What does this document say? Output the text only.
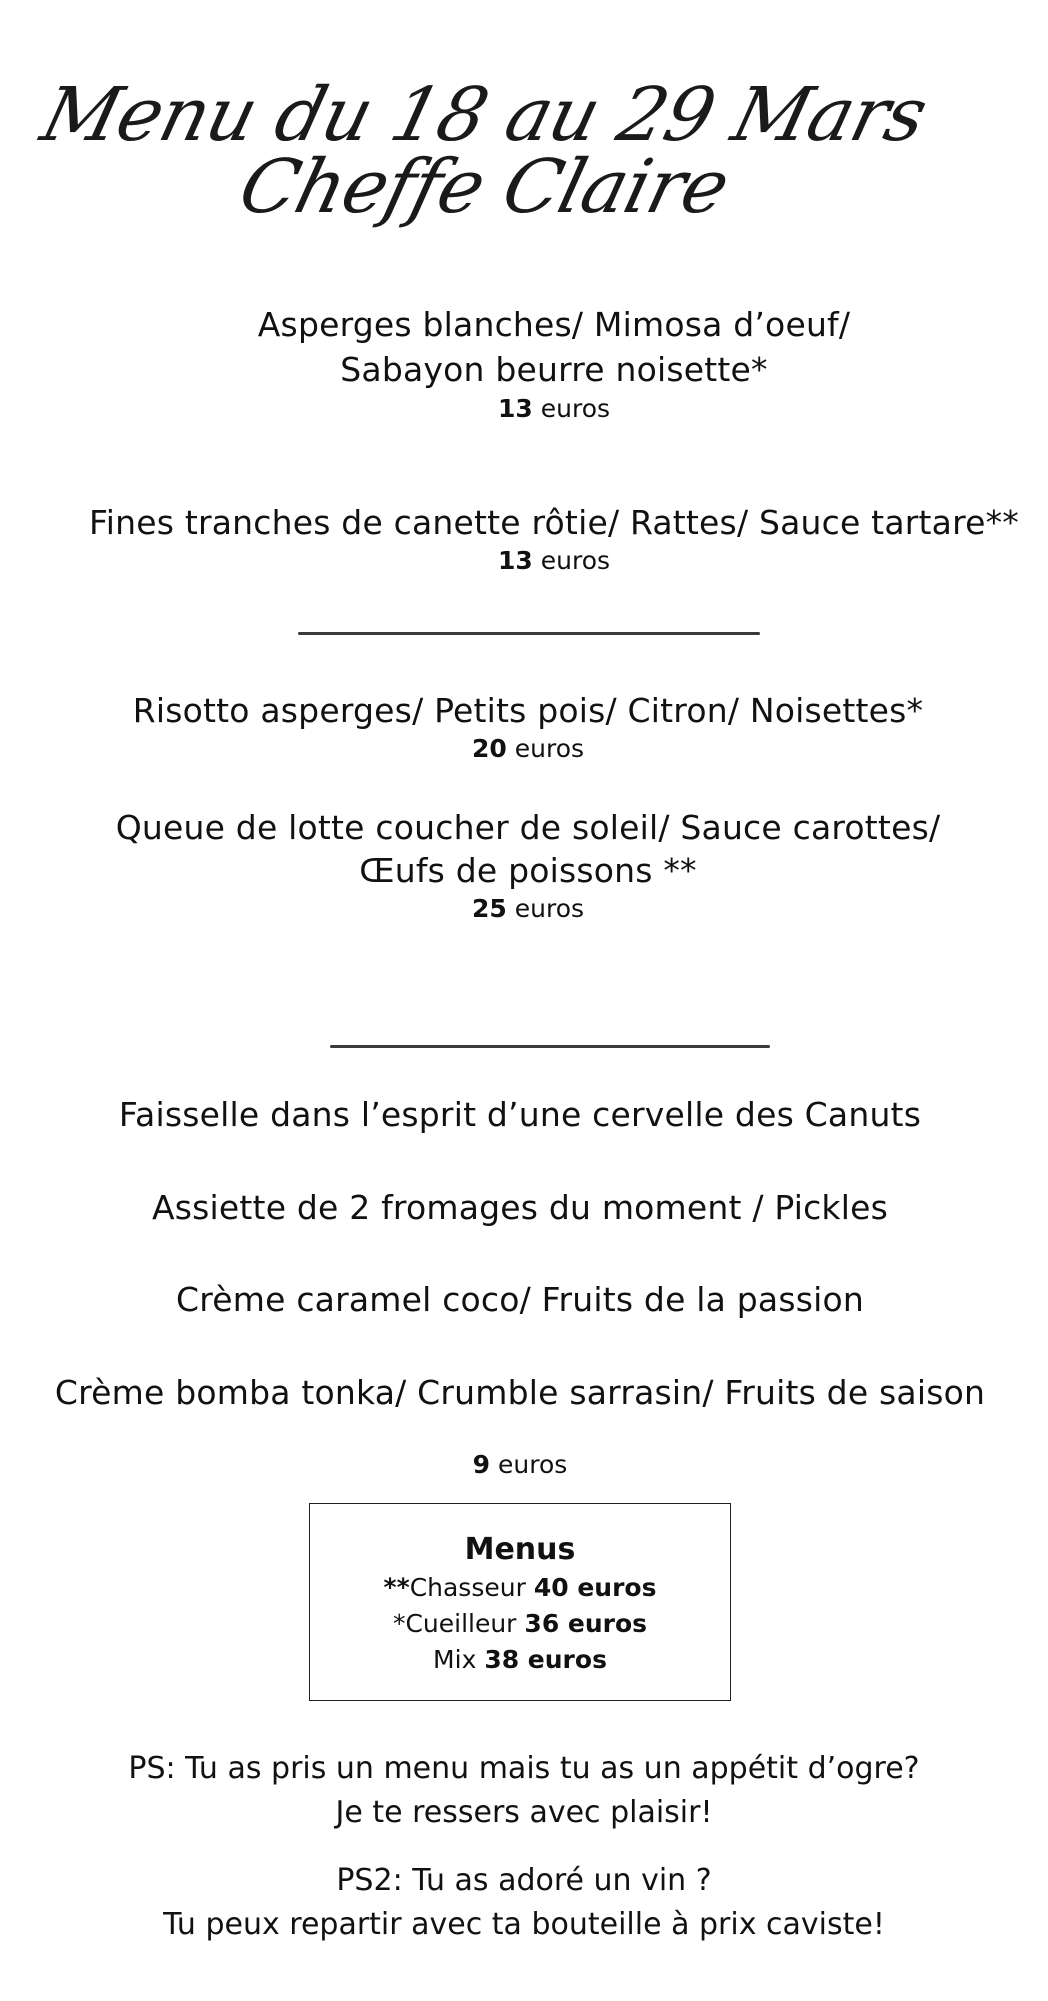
Menu du 18 au 29 Mars
Cheffe Claire
Asperges blanches/ Mimosa d’oeuf/
Sabayon beurre noisette*
13 euros
Fines tranches de canette rôtie/ Rattes/ Sauce tartare**
13 euros
Risotto asperges/ Petits pois/ Citron/ Noisettes*
20 euros
Queue de lotte coucher de soleil/ Sauce carottes/
Œufs de poissons **
25 euros
Faisselle dans l’esprit d’une cervelle des Canuts
Assiette de 2 fromages du moment / Pickles
Crème caramel coco/ Fruits de la passion
Crème bomba tonka/ Crumble sarrasin/ Fruits de saison
9 euros
Menus
**Chasseur 40 euros
*Cueilleur 36 euros
Mix 38 euros
PS: Tu as pris un menu mais tu as un appétit d’ogre?
Je te ressers avec plaisir!
PS2: Tu as adoré un vin ?
Tu peux repartir avec ta bouteille à prix caviste!
